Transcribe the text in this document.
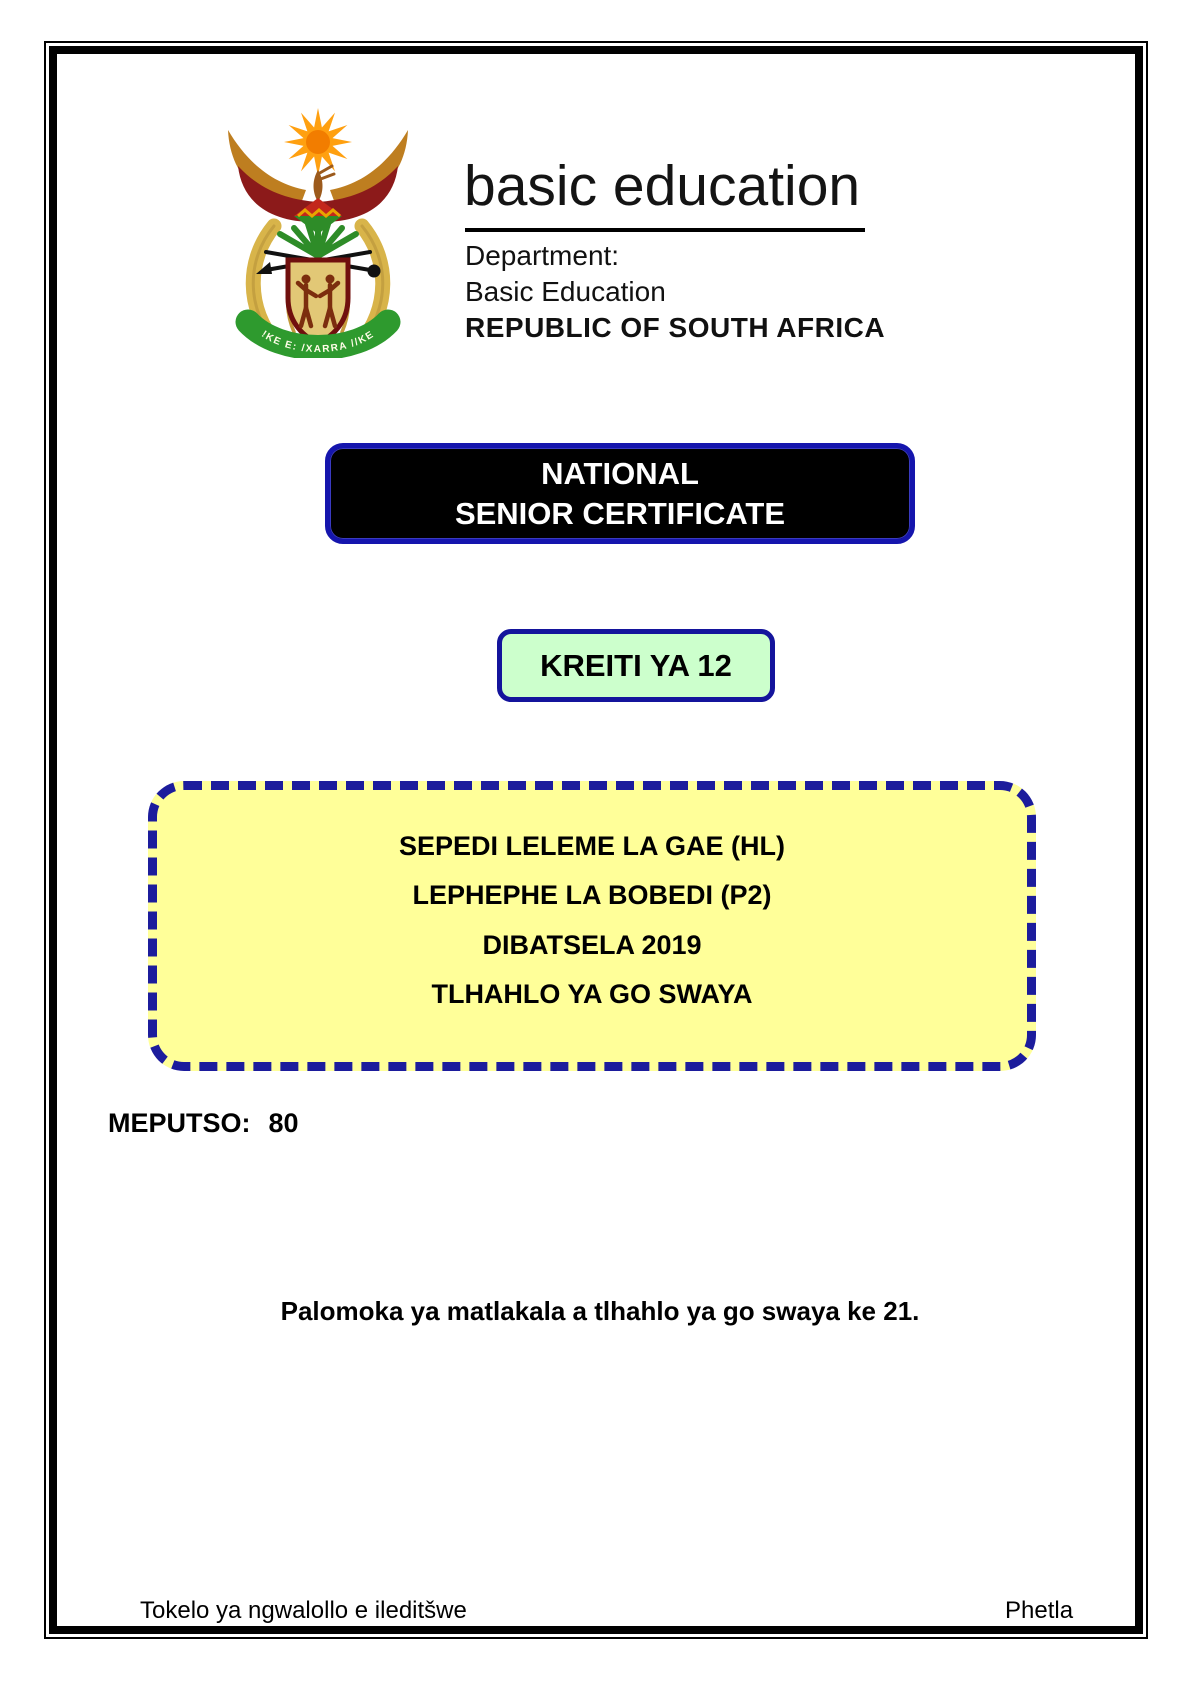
!KE E: /XARRA //KE
basic education
Department:
Basic Education
REPUBLIC OF SOUTH AFRICA
NATIONAL
SENIOR CERTIFICATE
KREITI YA 12
SEPEDI LELEME LA GAE (HL)
LEPHEPHE LA BOBEDI (P2)
DIBATSELA 2019
TLHAHLO YA GO SWAYA
MEPUTSO: 80
Palomoka ya matlakala a tlhahlo ya go swaya ke 21.
Tokelo ya ngwalollo e ileditšwe	Phetla
